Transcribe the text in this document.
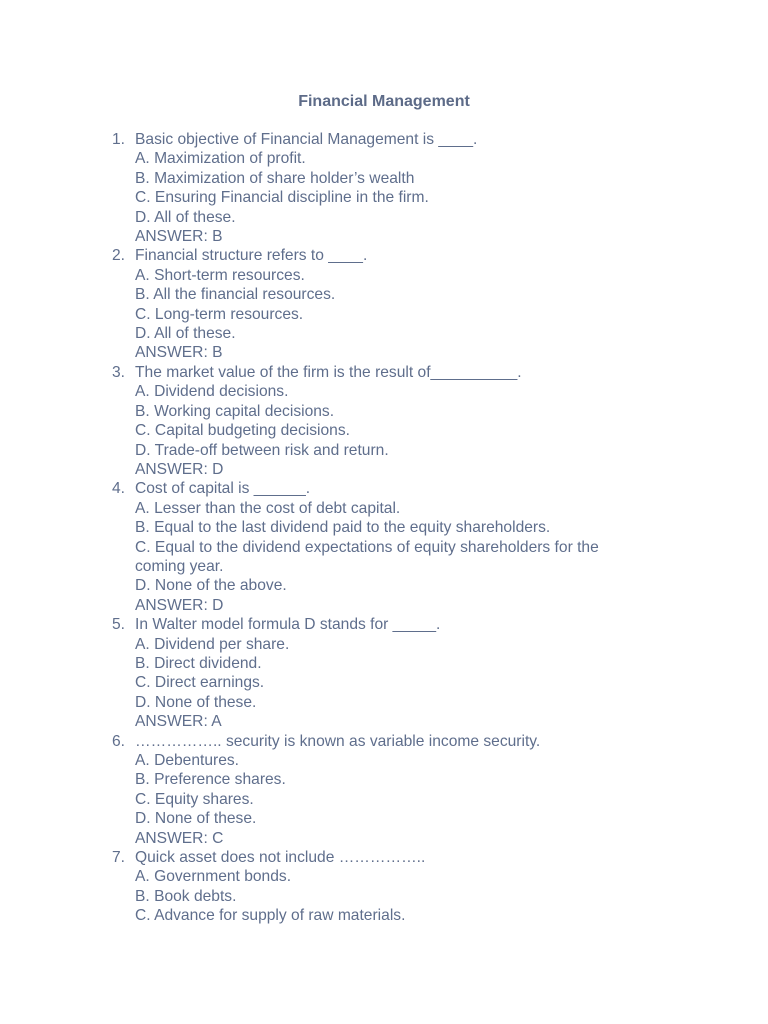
Financial Management
1. Basic objective of Financial Management is ____.
A. Maximization of profit.
B. Maximization of share holder’s wealth
C. Ensuring Financial discipline in the firm.
D. All of these.
ANSWER: B
2. Financial structure refers to ____.
A. Short-term resources.
B. All the financial resources.
C. Long-term resources.
D. All of these.
ANSWER: B
3. The market value of the firm is the result of__________.
A. Dividend decisions.
B. Working capital decisions.
C. Capital budgeting decisions.
D. Trade-off between risk and return.
ANSWER: D
4. Cost of capital is ______.
A. Lesser than the cost of debt capital.
B. Equal to the last dividend paid to the equity shareholders.
C. Equal to the dividend expectations of equity shareholders for the coming year.
D. None of the above.
ANSWER: D
5. In Walter model formula D stands for _____.
A. Dividend per share.
B. Direct dividend.
C. Direct earnings.
D. None of these.
ANSWER: A
6. …………….. security is known as variable income security.
A. Debentures.
B. Preference shares.
C. Equity shares.
D. None of these.
ANSWER: C
7. Quick asset does not include ……………..
A. Government bonds.
B. Book debts.
C. Advance for supply of raw materials.
